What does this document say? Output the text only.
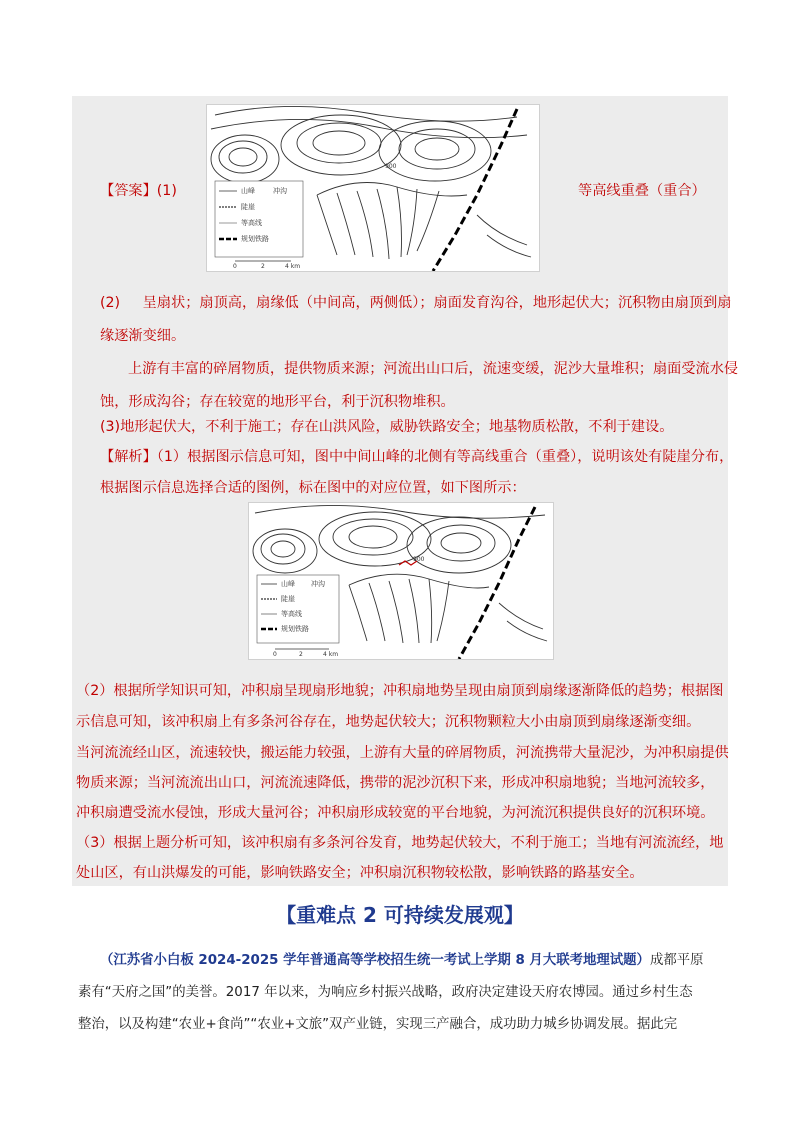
【答案】(1)	等高线重叠（重合）
900
山峰	冲沟
陡崖
等高线
规划铁路
0	2	4 km
(2) 呈扇状；扇顶高，扇缘低（中间高，两侧低）；扇面发育沟谷，地形起伏大；沉积物由扇顶到扇
缘逐渐变细。
上游有丰富的碎屑物质，提供物质来源；河流出山口后，流速变缓，泥沙大量堆积；扇面受流水侵
蚀，形成沟谷；存在较宽的地形平台，利于沉积物堆积。
(3)地形起伏大，不利于施工；存在山洪风险，威胁铁路安全；地基物质松散，不利于建设。
【解析】（1）根据图示信息可知，图中中间山峰的北侧有等高线重合（重叠），说明该处有陡崖分布，
根据图示信息选择合适的图例，标在图中的对应位置，如下图所示：
900
山峰 冲沟
陡崖
等高线
规划铁路
0	2	4 km
（2）根据所学知识可知，冲积扇呈现扇形地貌；冲积扇地势呈现由扇顶到扇缘逐渐降低的趋势；根据图
示信息可知，该冲积扇上有多条河谷存在，地势起伏较大；沉积物颗粒大小由扇顶到扇缘逐渐变细。
当河流流经山区，流速较快，搬运能力较强，上游有大量的碎屑物质，河流携带大量泥沙，为冲积扇提供
物质来源；当河流流出山口，河流流速降低，携带的泥沙沉积下来，形成冲积扇地貌；当地河流较多，
冲积扇遭受流水侵蚀，形成大量河谷；冲积扇形成较宽的平台地貌，为河流沉积提供良好的沉积环境。
（3）根据上题分析可知，该冲积扇有多条河谷发育，地势起伏较大，不利于施工；当地有河流流经，地
处山区，有山洪爆发的可能，影响铁路安全；冲积扇沉积物较松散，影响铁路的路基安全。
【重难点 2 可持续发展观】
（江苏省小白板 2024-2025 学年普通高等学校招生统一考试上学期 8 月大联考地理试题）成都平原
素有“天府之国”的美誉。2017 年以来，为响应乡村振兴战略，政府决定建设天府农博园。通过乡村生态
整治，以及构建“农业+食尚”“农业+文旅”双产业链，实现三产融合，成功助力城乡协调发展。据此完
